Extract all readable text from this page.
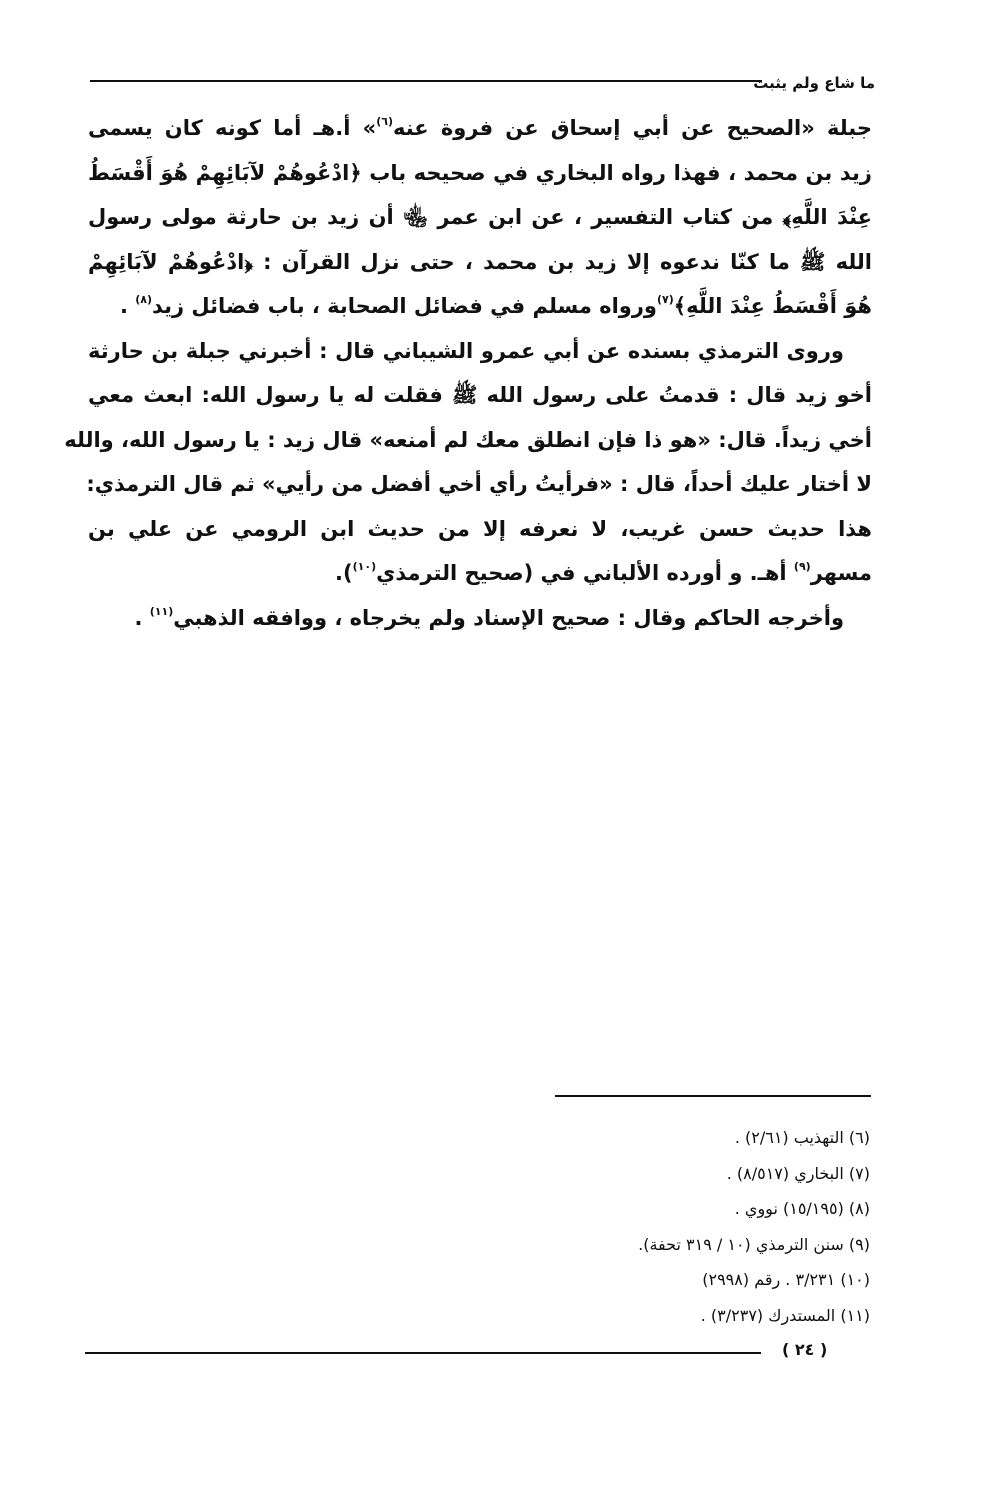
ما شاع ولم يثبت
جبلة «الصحيح عن أبي إسحاق عن فروة عنه$^{(٦)}$» أ.هـ أما كونه كان يسمى
زيد بن محمد ، فهذا رواه البخاري في صحيحه باب ﴿ادْعُوهُمْ لآبَائِهِمْ هُوَ أَقْسَطُ
عِنْدَ اللَّهِ﴾ من كتاب التفسير ، عن ابن عمر ﵄ أن زيد بن حارثة مولى رسول
الله ﷺ ما كنّا ندعوه إلا زيد بن محمد ، حتى نزل القرآن : ﴿ادْعُوهُمْ لآبَائِهِمْ
هُوَ أَقْسَطُ عِنْدَ اللَّهِ﴾$^{(٧)}$ورواه مسلم في فضائل الصحابة ، باب فضائل زيد$^{(٨)}$ .
وروى الترمذي بسنده عن أبي عمرو الشيباني قال : أخبرني جبلة بن حارثة
أخو زيد قال : قدمتُ على رسول الله ﷺ فقلت له يا رسول الله: ابعث معي
أخي زيداً. قال: «هو ذا فإن انطلق معك لم أمنعه» قال زيد : يا رسول الله، والله
لا أختار عليك أحداً، قال : «فرأيتُ رأي أخي أفضل من رأيي» ثم قال الترمذي:
هذا حديث حسن غريب، لا نعرفه إلا من حديث ابن الرومي عن علي بن
مسهر$^{(٩)}$ أهـ. و أورده الألباني في (صحيح الترمذي$^{(١٠)}$).
وأخرجه الحاكم وقال : صحيح الإسناد ولم يخرجاه ، ووافقه الذهبي$^{(١١)}$ .
(٦) التهذيب (٢/٦١) .
(٧) البخاري (٨/٥١٧) .
(٨) (١٥/١٩٥) نووي .
(٩) سنن الترمذي (١٠ / ٣١٩ تحفة).
(١٠) ٣/٢٣١ . رقم (٢٩٩٨)
(١١) المستدرك (٣/٢٣٧) .
( ٢٤ )
